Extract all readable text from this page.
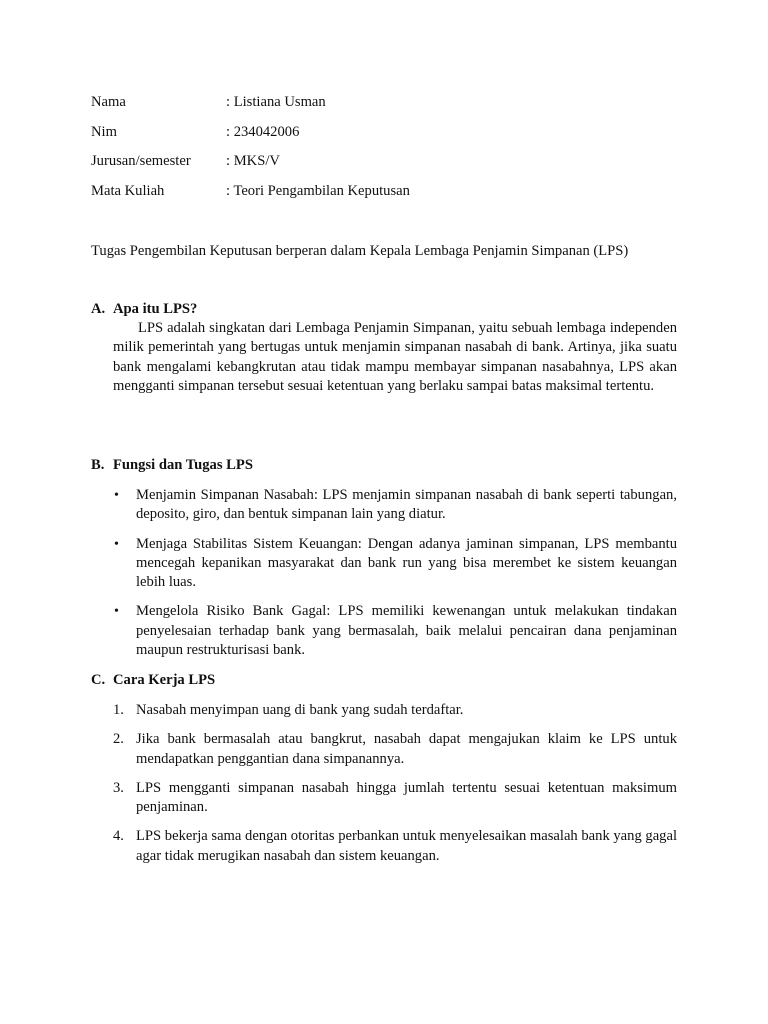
Nama	: Listiana Usman
Nim	: 234042006
Jurusan/semester : MKS/V
Mata Kuliah	: Teori Pengambilan Keputusan
Tugas Pengembilan Keputusan berperan dalam Kepala Lembaga Penjamin Simpanan (LPS)
A. Apa itu LPS?

LPS adalah singkatan dari Lembaga Penjamin Simpanan, yaitu sebuah lembaga independen milik pemerintah yang bertugas untuk menjamin simpanan nasabah di bank. Artinya, jika suatu bank mengalami kebangkrutan atau tidak mampu membayar simpanan nasabahnya, LPS akan mengganti simpanan tersebut sesuai ketentuan yang berlaku sampai batas maksimal tertentu.

B. Fungsi dan Tugas LPS
• Menjamin Simpanan Nasabah: LPS menjamin simpanan nasabah di bank seperti tabungan, deposito, giro, dan bentuk simpanan lain yang diatur.
• Menjaga Stabilitas Sistem Keuangan: Dengan adanya jaminan simpanan, LPS membantu mencegah kepanikan masyarakat dan bank run yang bisa merembet ke sistem keuangan lebih luas.
• Mengelola Risiko Bank Gagal: LPS memiliki kewenangan untuk melakukan tindakan penyelesaian terhadap bank yang bermasalah, baik melalui pencairan dana penjaminan maupun restrukturisasi bank.
C. Cara Kerja LPS
1. Nasabah menyimpan uang di bank yang sudah terdaftar.
2. Jika bank bermasalah atau bangkrut, nasabah dapat mengajukan klaim ke LPS untuk mendapatkan penggantian dana simpanannya.
3. LPS mengganti simpanan nasabah hingga jumlah tertentu sesuai ketentuan maksimum penjaminan.
4. LPS bekerja sama dengan otoritas perbankan untuk menyelesaikan masalah bank yang gagal agar tidak merugikan nasabah dan sistem keuangan.
